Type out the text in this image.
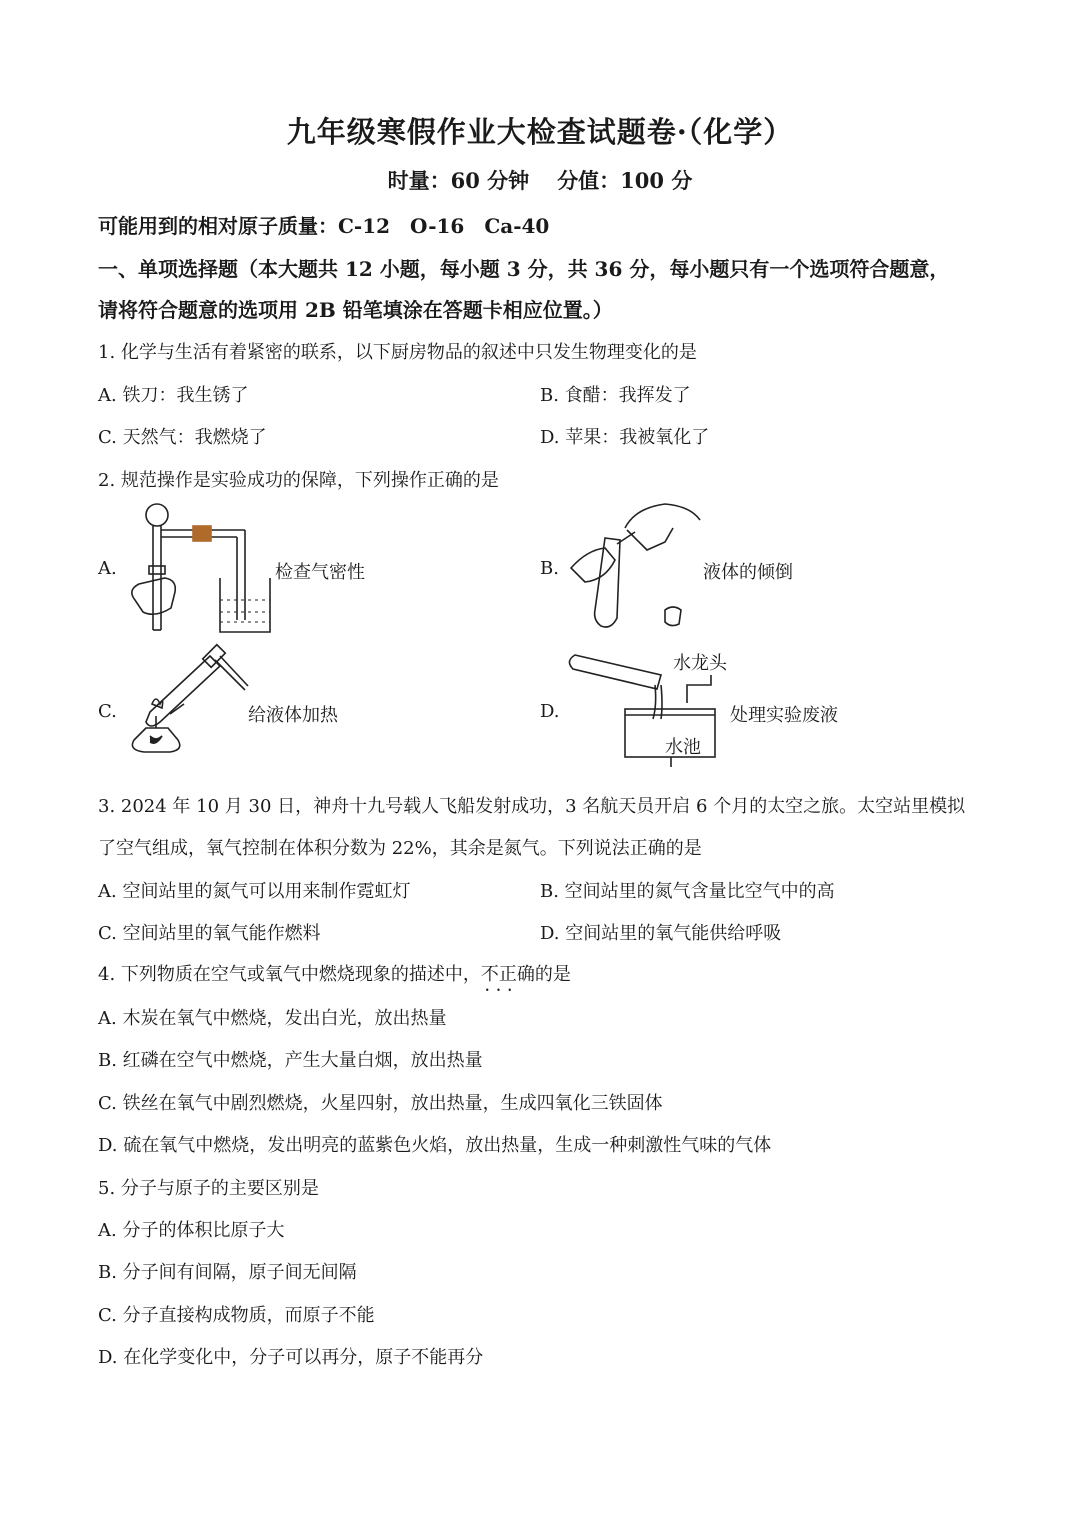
九年级寒假作业大检查试题卷·（化学）
时量：60 分钟 分值：100 分
可能用到的相对原子质量：C-12　O-16　Ca-40
一、单项选择题（本大题共 12 小题，每小题 3 分，共 36 分，每小题只有一个选项符合题意，
请将符合题意的选项用 2B 铅笔填涂在答题卡相应位置。）
1. 化学与生活有着紧密的联系，以下厨房物品的叙述中只发生物理变化的是
A. 铁刀：我生锈了	B. 食醋：我挥发了
C. 天然气：我燃烧了	D. 苹果：我被氧化了
2. 规范操作是实验成功的保障，下列操作正确的是
A.	检查气密性	B.	液体的倾倒
C.	给液体加热	D.
水龙头
水池
处理实验废液
3. 2024 年 10 月 30 日，神舟十九号载人飞船发射成功，3 名航天员开启 6 个月的太空之旅。太空站里模拟
了空气组成，氧气控制在体积分数为 22%，其余是氮气。下列说法正确的是
A. 空间站里的氮气可以用来制作霓虹灯	B. 空间站里的氮气含量比空气中的高
C. 空间站里的氧气能作燃料	D. 空间站里的氧气能供给呼吸
4. 下列物质在空气或氧气中燃烧现象的描述中，不正确 • • •的是
A. 木炭在氧气中燃烧，发出白光，放出热量
B. 红磷在空气中燃烧，产生大量白烟，放出热量
C. 铁丝在氧气中剧烈燃烧，火星四射，放出热量，生成四氧化三铁固体
D. 硫在氧气中燃烧，发出明亮的蓝紫色火焰，放出热量，生成一种刺激性气味的气体
5. 分子与原子的主要区别是
A. 分子的体积比原子大
B. 分子间有间隔，原子间无间隔
C. 分子直接构成物质，而原子不能
D. 在化学变化中，分子可以再分，原子不能再分
